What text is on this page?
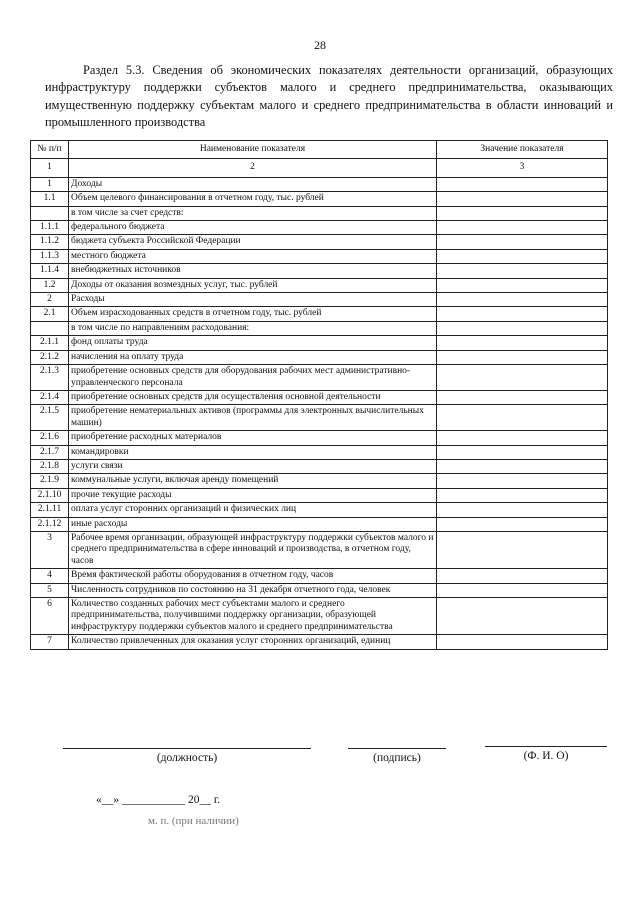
28
Раздел 5.3. Сведения об экономических показателях деятельности организаций, образующих инфраструктуру поддержки субъектов малого и среднего предпринимательства, оказывающих имущественную поддержку субъектам малого и среднего предпринимательства в области инноваций и промышленного производства
№ п/п	Наименование показателя	Значение показателя
1	2	3
1	Доходы	
1.1	Объем целевого финансирования в отчетном году, тыс. рублей	
	в том числе за счет средств:	
1.1.1	федерального бюджета	
1.1.2	бюджета субъекта Российской Федерации	
1.1.3	местного бюджета	
1.1.4	внебюджетных источников	
1.2	Доходы от оказания возмездных услуг, тыс. рублей	
2	Расходы	
2.1	Объем израсходованных средств в отчетном году, тыс. рублей	
	в том числе по направлениям расходования:	
2.1.1	фонд оплаты труда	
2.1.2	начисления на оплату труда	
2.1.3	приобретение основных средств для оборудования рабочих мест административно-управленческого персонала	
2.1.4	приобретение основных средств для осуществления основной деятельности	
2.1.5	приобретение нематериальных активов (программы для электронных вычислительных машин)	
2.1.6	приобретение расходных материалов	
2.1.7	командировки	
2.1.8	услуги связи	
2.1.9	коммунальные услуги, включая аренду помещений	
2.1.10	прочие текущие расходы	
2.1.11	оплата услуг сторонних организаций и физических лиц	
2.1.12	иные расходы	
3	Рабочее время организации, образующей инфраструктуру поддержки субъектов малого и среднего предпринимательства в сфере инноваций и производства, в отчетном году, часов	
4	Время фактической работы оборудования в отчетном году, часов	
5	Численность сотрудников по состоянию на 31 декабря отчетного года, человек	
6	Количество созданных рабочих мест субъектами малого и среднего предпринимательства, получившими поддержку организации, образующей инфраструктуру поддержки субъектов малого и среднего предпринимательства	
7	Количество привлеченных для оказания услуг сторонних организаций, единиц	
(должность)	(подпись)	(Ф. И. О)
«__» ___________ 20__ г.
м. п. (при наличии)
